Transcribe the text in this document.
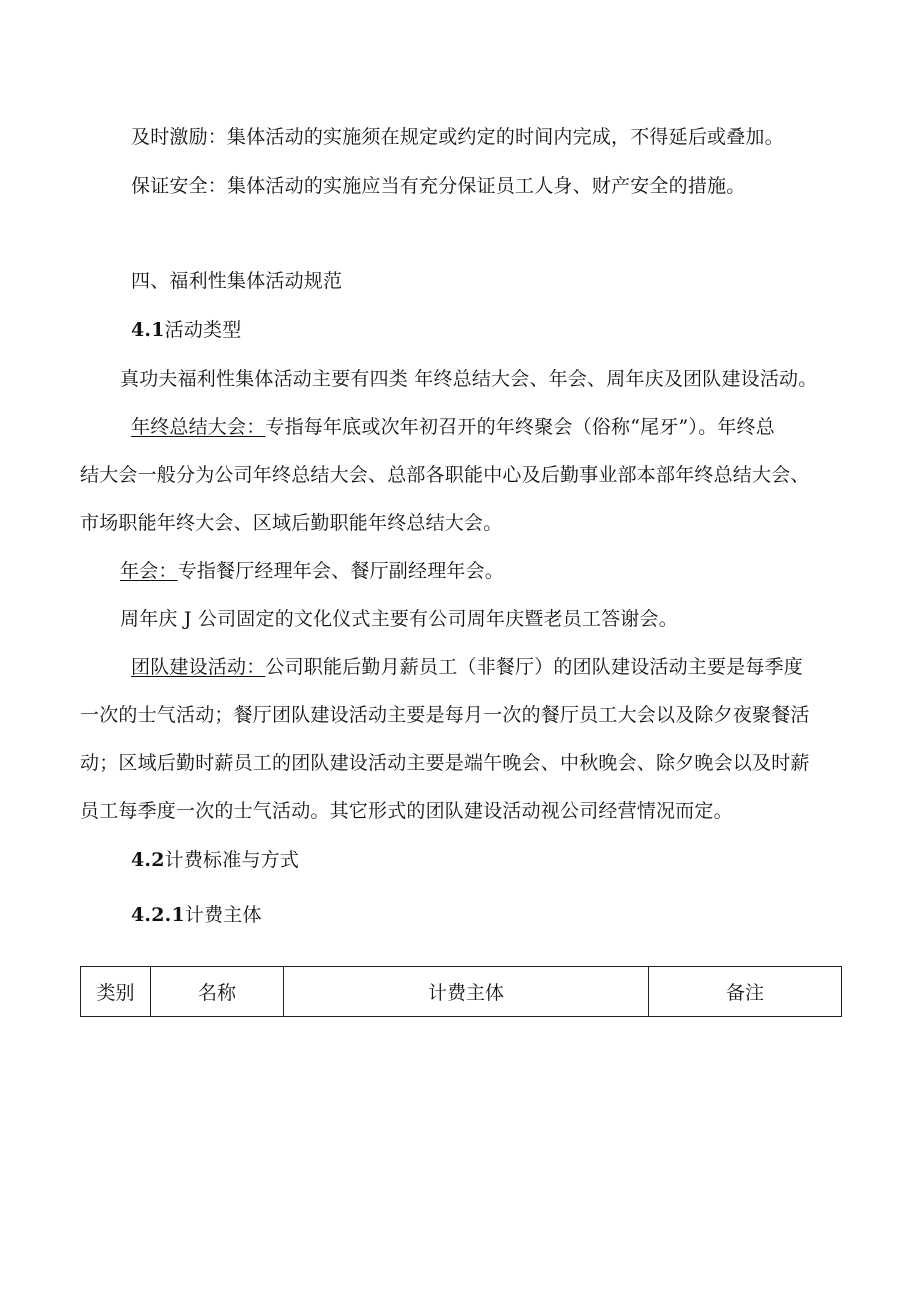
及时激励：集体活动的实施须在规定或约定的时间内完成，不得延后或叠加。
保证安全：集体活动的实施应当有充分保证员工人身、财产安全的措施。
四、福利性集体活动规范
4.1活动类型
真功夫福利性集体活动主要有四类 年终总结大会、年会、周年庆及团队建设活动。
年终总结大会：专指每年底或次年初召开的年终聚会（俗称“尾牙”）。年终总
结大会一般分为公司年终总结大会、总部各职能中心及后勤事业部本部年终总结大会、
市场职能年终大会、区域后勤职能年终总结大会。
年会：专指餐厅经理年会、餐厅副经理年会。
周年庆 J 公司固定的文化仪式主要有公司周年庆暨老员工答谢会。
团队建设活动：公司职能后勤月薪员工（非餐厅）的团队建设活动主要是每季度
一次的士气活动；餐厅团队建设活动主要是每月一次的餐厅员工大会以及除夕夜聚餐活
动；区域后勤时薪员工的团队建设活动主要是端午晚会、中秋晚会、除夕晚会以及时薪
员工每季度一次的士气活动。其它形式的团队建设活动视公司经营情况而定。
4.2计费标准与方式
4.2.1计费主体
类别	名称	计费主体	备注
